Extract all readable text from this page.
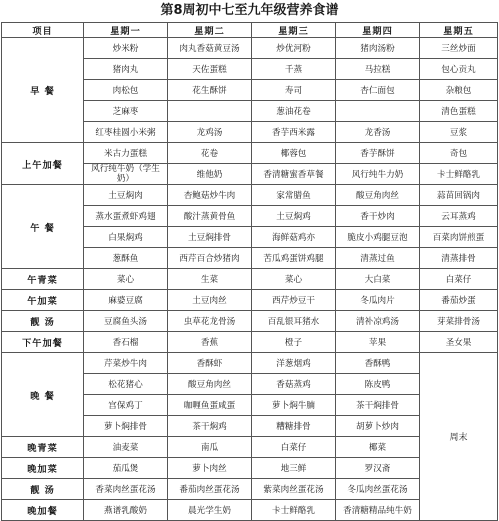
第8周初中七至九年级营养食谱
项目	星期一	星期二	星期三	星期四	星期五
早 餐	炒米粉	肉丸香菇黄豆汤	炒优河粉	猪肉汤粉	三丝炒面
	猪肉丸	天佐蛋糕	千蒸	马拉糕	包心贡丸
	肉松包	花生酥饼	寿司	杏仁面包	杂粮包
	芝麻枣		葱油花卷		清色蛋糕
	红枣桂圆小米粥	龙鸡汤	香芋西米露	龙香汤	豆浆
上午加餐	米古力蛋糕	花卷	椰蓉包	香芋酥饼	奇包
	风行纯牛奶（学生奶）	维他奶	香清糖蜜香草餐	风行纯牛力奶	卡士鲜酪乳
午 餐	土豆焖肉	杏鲍菇炒牛肉	家常腊鱼	酸豆角肉丝	蒜苗回锅肉
	蒸水蛋煮虾鸡翅	酸汁蒸黄骨鱼	土豆焖鸡	香干炒肉	云耳蒸鸡
	白果焖鸡	土豆焖排骨	海鲜菇鸡亦	脆皮小鸡腿豆泡	百菜肉饼煎蛋
	葱酥鱼	西芹百合炒猪肉	苦瓜鸡蛋饼鸡腿	清蒸过鱼	清蒸排骨
午青菜	菜心	生菜	菜心	大白菜	白菜仔
午加菜	麻婆豆腐	土豆肉丝	西芹炒豆干	冬瓜肉片	番茄炒蛋
靓 汤	豆腐鱼头汤	虫草花龙骨汤	百乱银耳猪水	清补凉鸡汤	芽菜排骨汤
下午加餐	香石榴	香蕉	橙子	苹果	圣女果
晚 餐	芹菜炒牛肉	香酥虾	洋葱烟鸡	香酥鸭	周末
	松花猪心	酸豆角肉丝	香菇蒸鸡	陈皮鸭	
	宫保鸡丁	咖喱鱼蛋咸蛋	萝卜焖牛腩	茶干焖排骨	
	萝卜焖排骨	茶干焖鸡	糟糖排骨	胡萝卜炒肉	
晚青菜	油麦菜	南瓜	白菜仔	椰菜	
晚加菜	茄瓜煲	萝卜肉丝	地三鲜	罗汉斋	
靓 汤	香菜肉丝蛋花汤	番茄肉丝蛋花汤	紫菜肉丝蛋花汤	冬瓜肉丝蛋花汤	
晚加餐	燕谱乳酸奶	晨光学生奶	卡士鲜酪乳	香清糖精品纯牛奶	
